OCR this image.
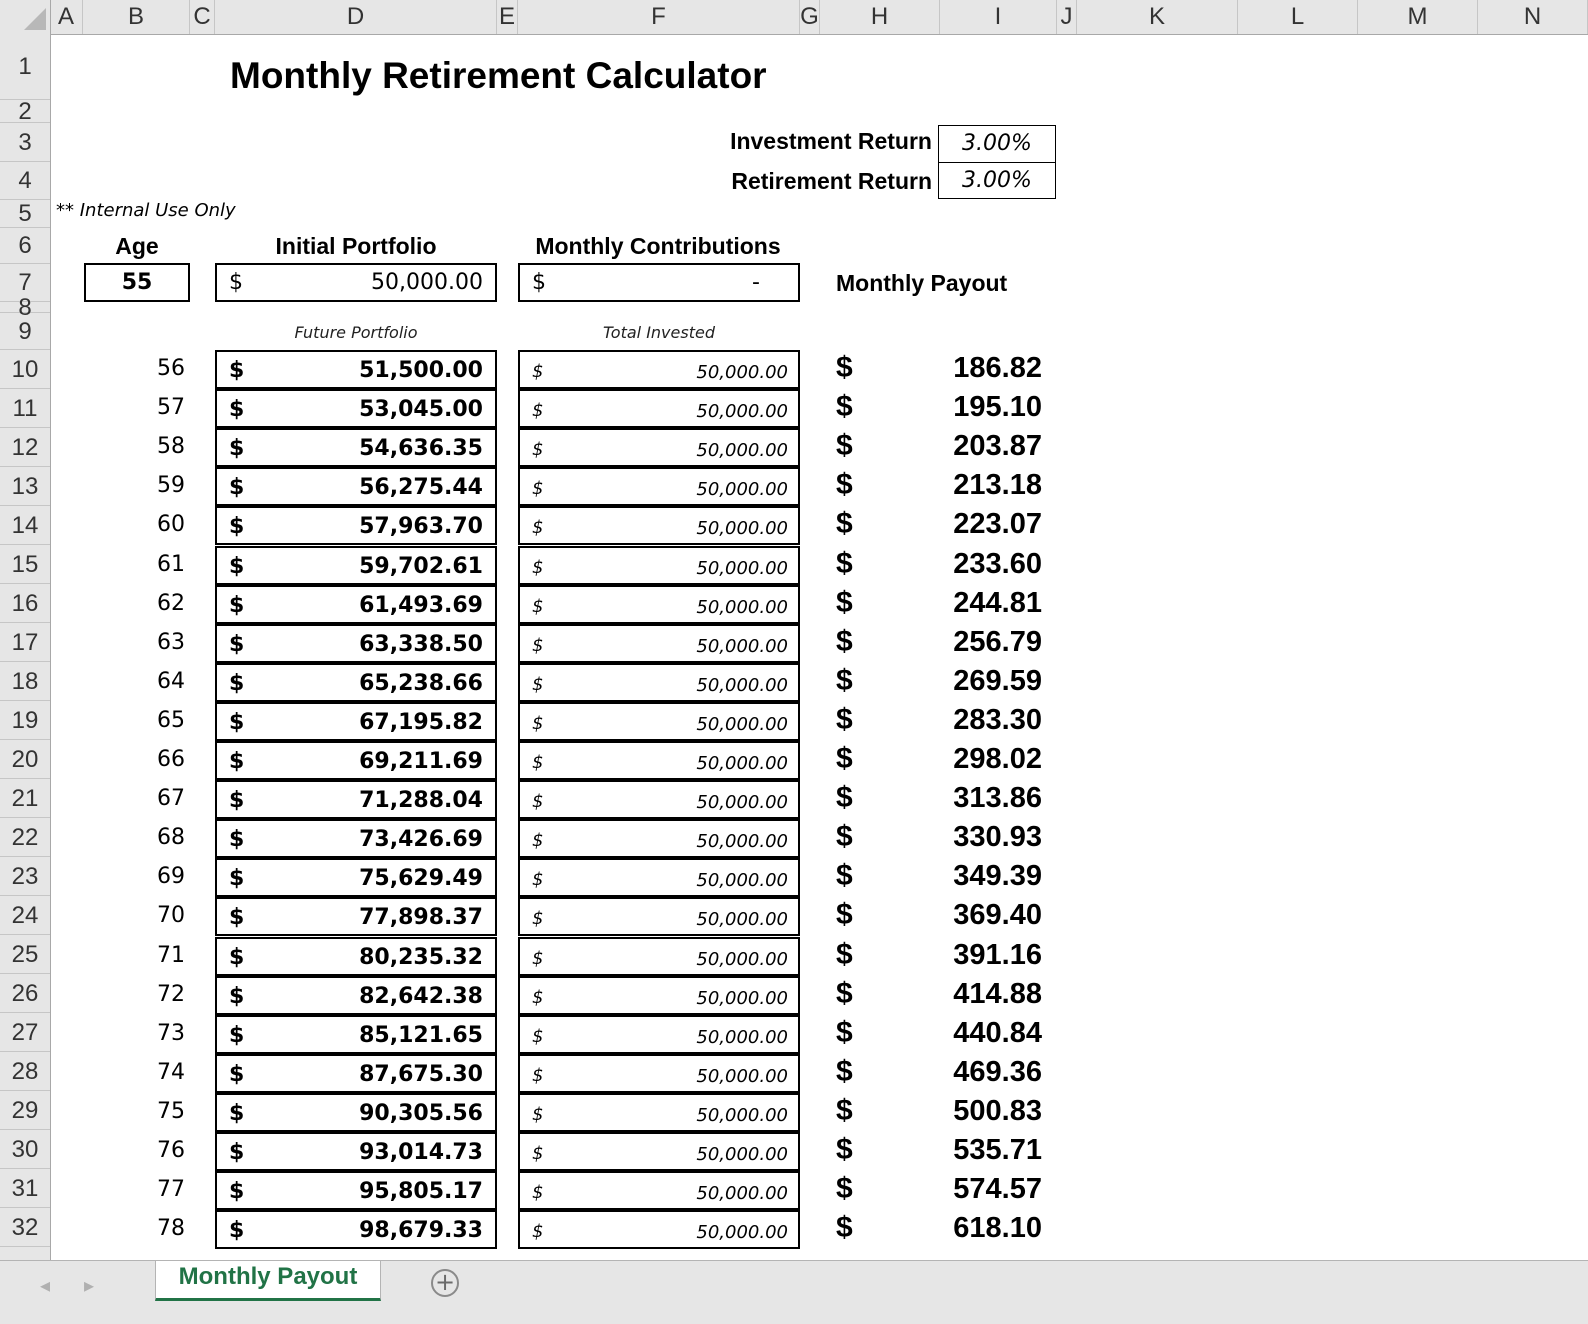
A	B	C	D	E	F	G	H	I	J	K	L	M	N
1
2
3
4
5
6
7
8
9
10
11
12
13
14
15
16
17
18
19
20
21
22
23
24
25
26
27
28
29
30
31
32
Monthly Retirement Calculator
Investment Return	3.00%
Retirement Return	3.00%
** Internal Use Only
Age	Initial Portfolio	Monthly Contributions
55	$	50,000.00 $	-	Monthly Payout
Future Portfolio	Total Invested
56 $	51,500.00	$	50,000.00 $	186.82
57 $	53,045.00	$	50,000.00 $	195.10
58 $	54,636.35	$	50,000.00 $	203.87
59 $	56,275.44	$	50,000.00 $	213.18
60 $	57,963.70	$	50,000.00 $	223.07
61 $	59,702.61	$	50,000.00 $	233.60
62 $	61,493.69	$	50,000.00 $	244.81
63 $	63,338.50	$	50,000.00 $	256.79
64 $	65,238.66	$	50,000.00 $	269.59
65 $	67,195.82	$	50,000.00 $	283.30
66 $	69,211.69	$	50,000.00 $	298.02
67 $	71,288.04	$	50,000.00 $	313.86
68 $	73,426.69	$	50,000.00 $	330.93
69 $	75,629.49	$	50,000.00 $	349.39
70 $	77,898.37	$	50,000.00 $	369.40
71 $	80,235.32	$	50,000.00 $	391.16
72 $	82,642.38	$	50,000.00 $	414.88
73 $	85,121.65	$	50,000.00 $	440.84
74 $	87,675.30	$	50,000.00 $	469.36
75 $	90,305.56	$	50,000.00 $	500.83
76 $	93,014.73	$	50,000.00 $	535.71
77 $	95,805.17	$	50,000.00 $	574.57
78 $	98,679.33	$	50,000.00 $	618.10
◂ ▸	Monthly Payout	+
